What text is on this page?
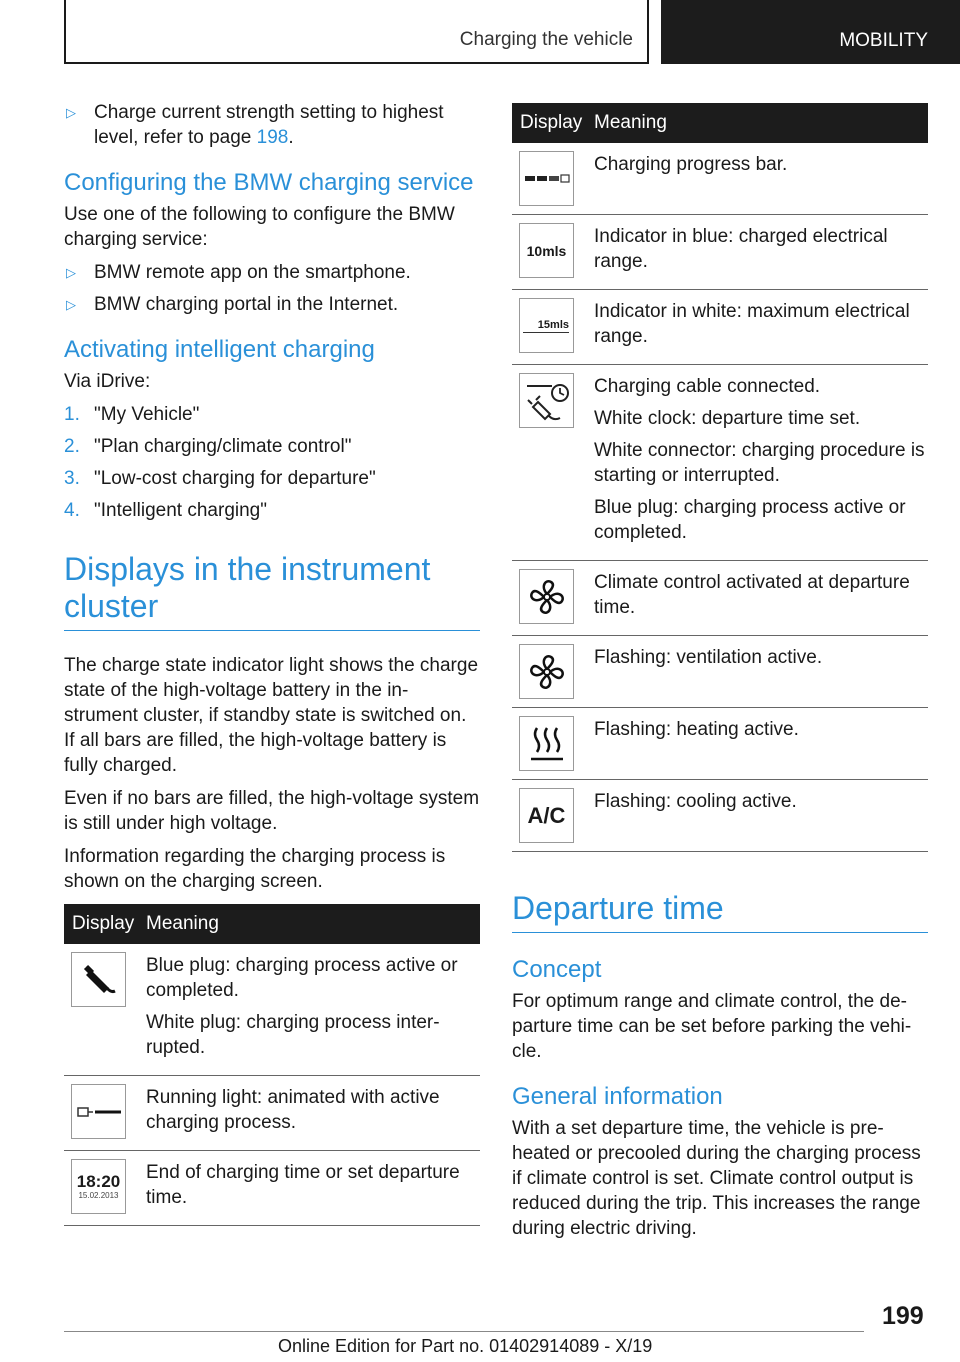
Charging the vehicle	MOBILITY
▷ Charge current strength setting to highest level, refer to page 198.
Configuring the BMW charging service

Use one of the following to configure the BMW charging service:

▷ BMW remote app on the smartphone.
▷ BMW charging portal in the Internet.
Activating intelligent charging

Via iDrive:

1. "My Vehicle"
2. "Plan charging/climate control"
3. "Low-cost charging for departure"
4. "Intelligent charging"
Displays in the instrument cluster

The charge state indicator light shows the charge state of the high-voltage battery in the in-strument cluster, if standby state is switched on. If all bars are filled, the high-voltage battery is fully charged.

Even if no bars are filled, the high-voltage system is still under high voltage.

Information regarding the charging process is shown on the charging screen.

Display Meaning

Blue plug: charging process active or completed.

White plug: charging process inter-rupted.

Running light: animated with active charging process.

18:20
15.02.2013

End of charging time or set departure time.

Display Meaning

Charging progress bar.

10mls

Indicator in blue: charged electrical range.

15mls

Indicator in white: maximum electrical range.

Charging cable connected.

White clock: departure time set.

White connector: charging procedure is starting or interrupted.

Blue plug: charging process active or completed.

Climate control activated at departure time.

Flashing: ventilation active.

Flashing: heating active.

A/C

Flashing: cooling active.

Departure time
Concept

For optimum range and climate control, the de-parture time can be set before parking the vehi-cle.

General information

With a set departure time, the vehicle is pre-heated or precooled during the charging process if climate control is set. Climate control output is reduced during the trip. This increases the range during electric driving.

199
Online Edition for Part no. 01402914089 - X/19
